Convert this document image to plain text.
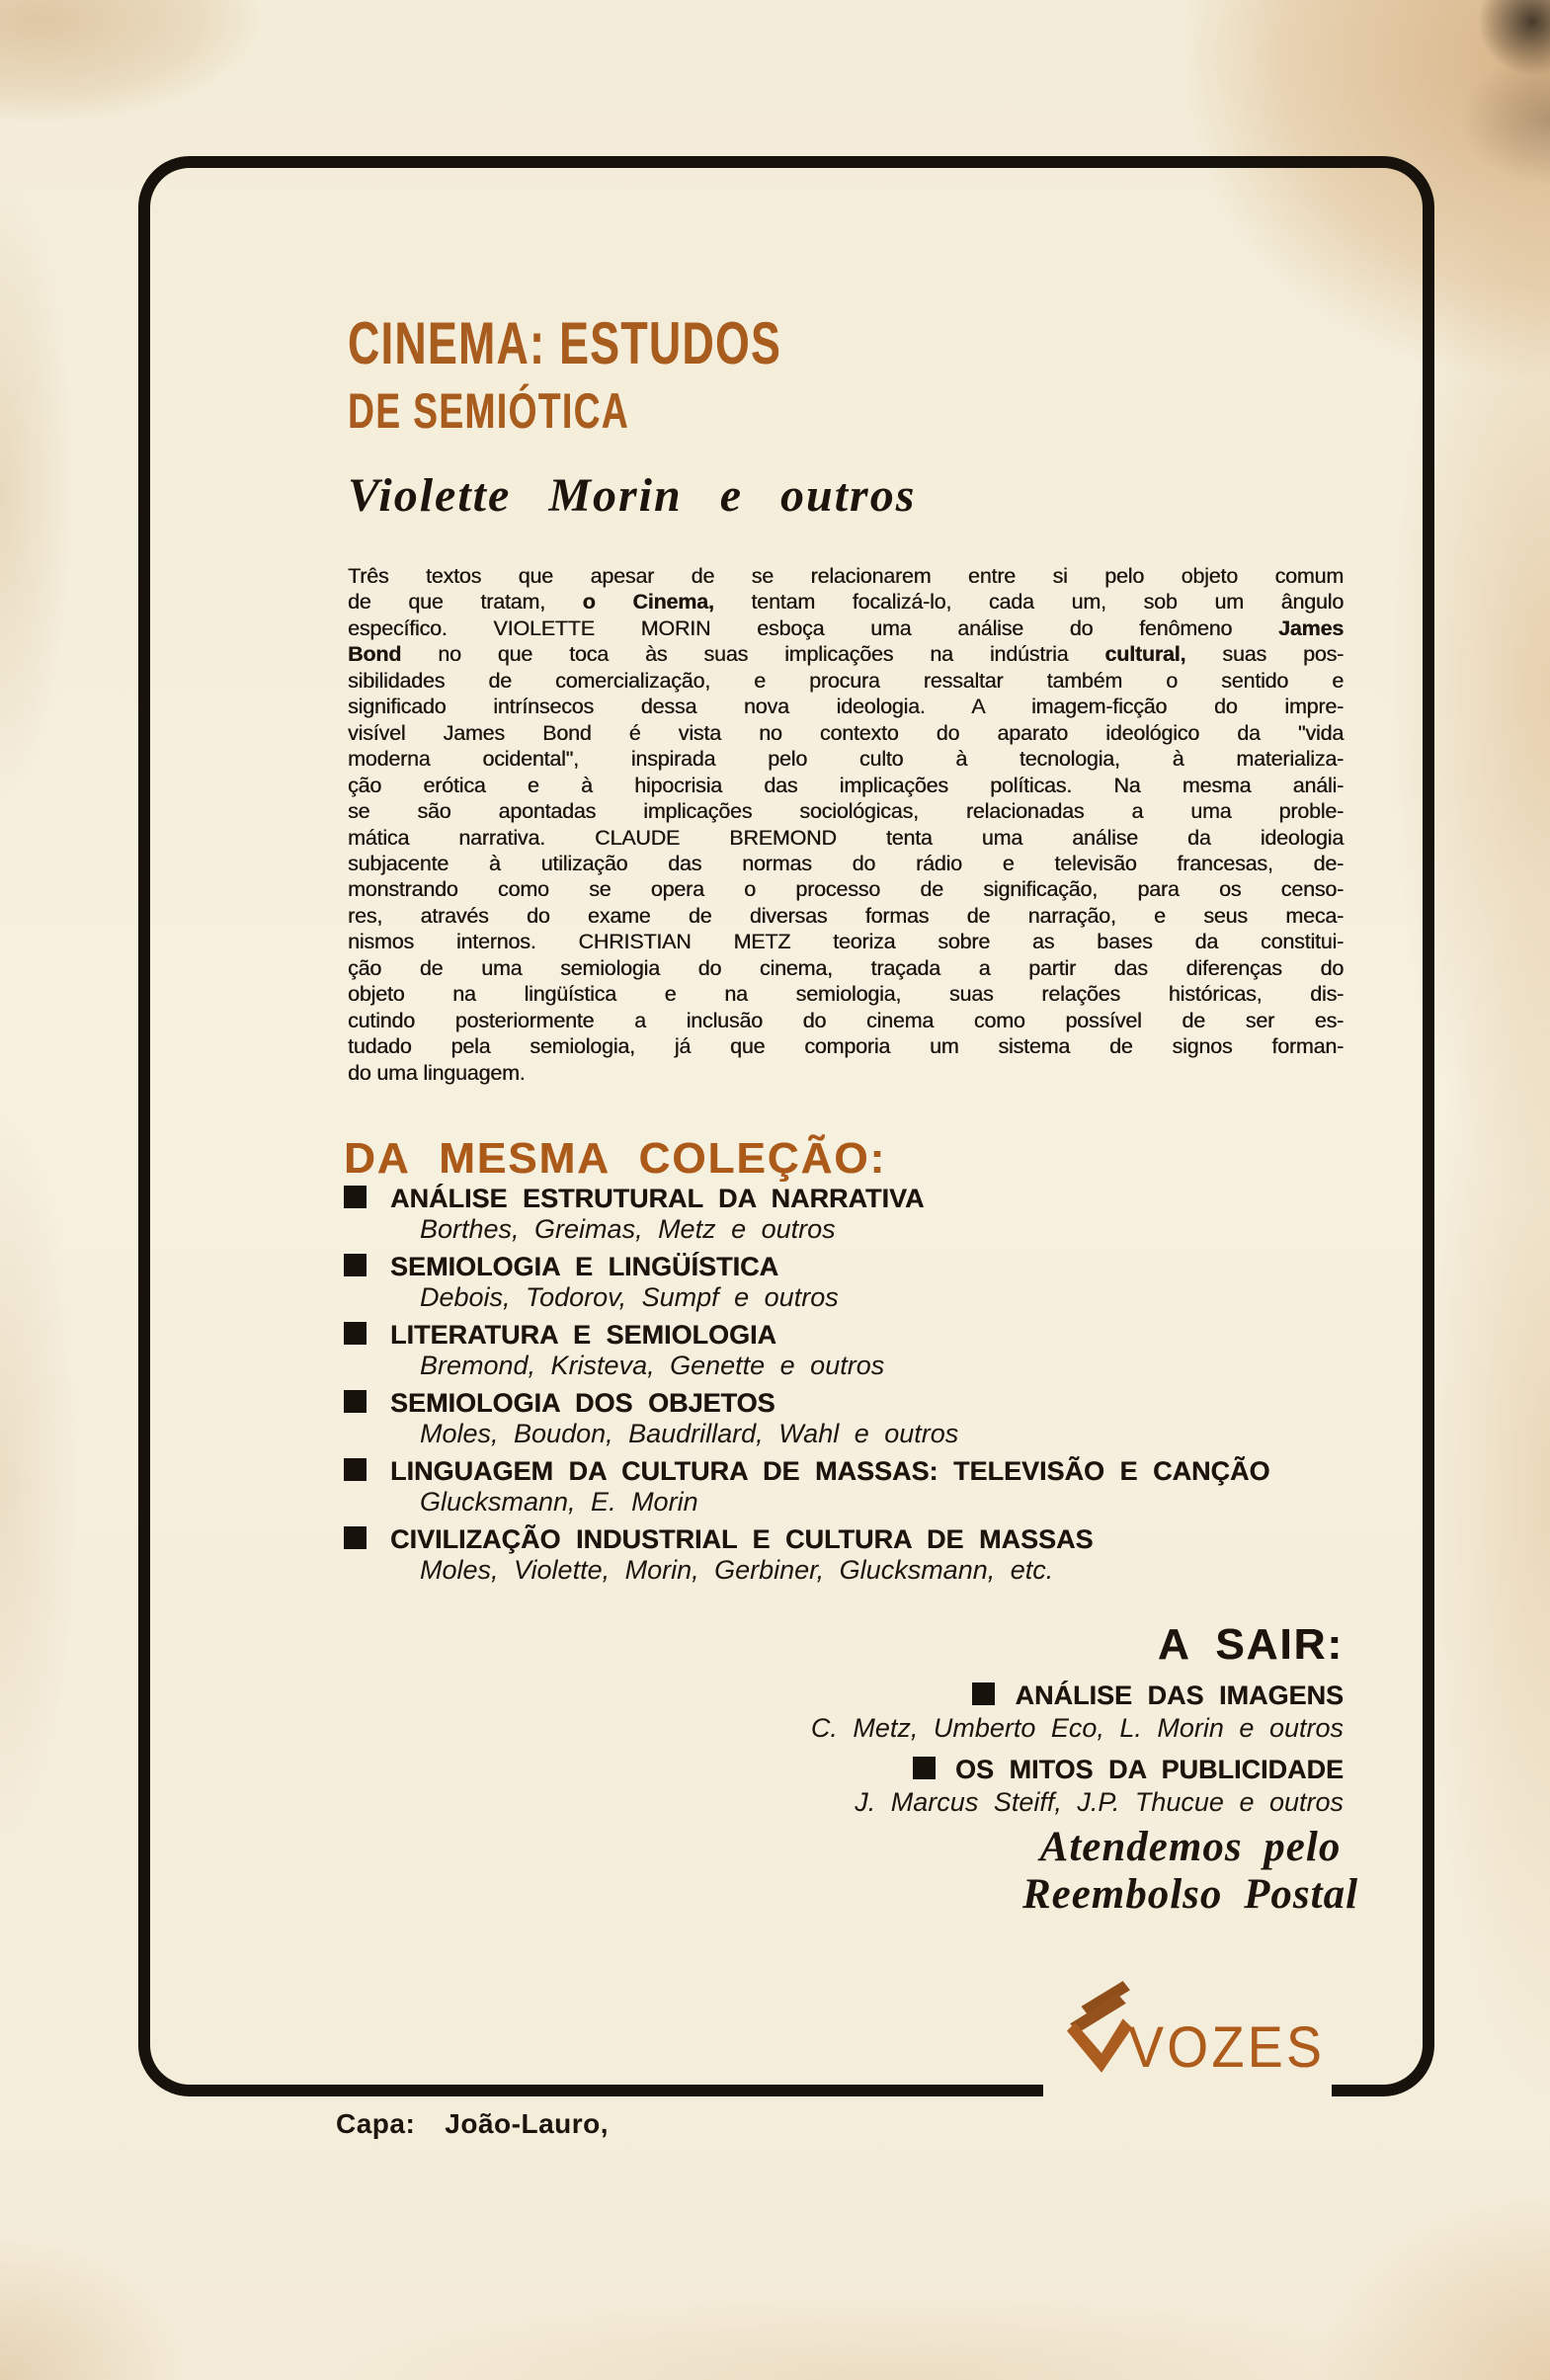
CINEMA: ESTUDOS
DE SEMIÓTICA
Violette Morin e outros
Três textos que apesar de se relacionarem entre si pelo objeto comum
de que tratam, o Cinema, tentam focalizá-lo, cada um, sob um ângulo
específico. VIOLETTE MORIN esboça uma análise do fenômeno James
Bond no que toca às suas implicações na indústria cultural, suas pos-
sibilidades de comercialização, e procura ressaltar também o sentido e
significado intrínsecos dessa nova ideologia. A imagem-ficção do impre-
visível James Bond é vista no contexto do aparato ideológico da "vida
moderna ocidental", inspirada pelo culto à tecnologia, à materializa-
ção erótica e à hipocrisia das implicações políticas. Na mesma análi-
se são apontadas implicações sociológicas, relacionadas a uma proble-
mática narrativa. CLAUDE BREMOND tenta uma análise da ideologia
subjacente à utilização das normas do rádio e televisão francesas, de-
monstrando como se opera o processo de significação, para os censo-
res, através do exame de diversas formas de narração, e seus meca-
nismos internos. CHRISTIAN METZ teoriza sobre as bases da constitui-
ção de uma semiologia do cinema, traçada a partir das diferenças do
objeto na lingüística e na semiologia, suas relações históricas, dis-
cutindo posteriormente a inclusão do cinema como possível de ser es-
tudado pela semiologia, já que comporia um sistema de signos forman-
do uma linguagem.
DA MESMA COLEÇÃO:
ANÁLISE ESTRUTURAL DA NARRATIVA
Borthes, Greimas, Metz e outros
SEMIOLOGIA E LINGÜÍSTICA
Debois, Todorov, Sumpf e outros
LITERATURA E SEMIOLOGIA
Bremond, Kristeva, Genette e outros
SEMIOLOGIA DOS OBJETOS
Moles, Boudon, Baudrillard, Wahl e outros
LINGUAGEM DA CULTURA DE MASSAS: TELEVISÃO E CANÇÃO
Glucksmann, E. Morin
CIVILIZAÇÃO INDUSTRIAL E CULTURA DE MASSAS
Moles, Violette, Morin, Gerbiner, Glucksmann, etc.
A SAIR:
ANÁLISE DAS IMAGENS
C. Metz, Umberto Eco, L. Morin e outros
OS MITOS DA PUBLICIDADE
J. Marcus Steiff, J.P. Thucue e outros
Atendemos pelo
Reembolso Postal
VOZES
Capa: João-Lauro,
